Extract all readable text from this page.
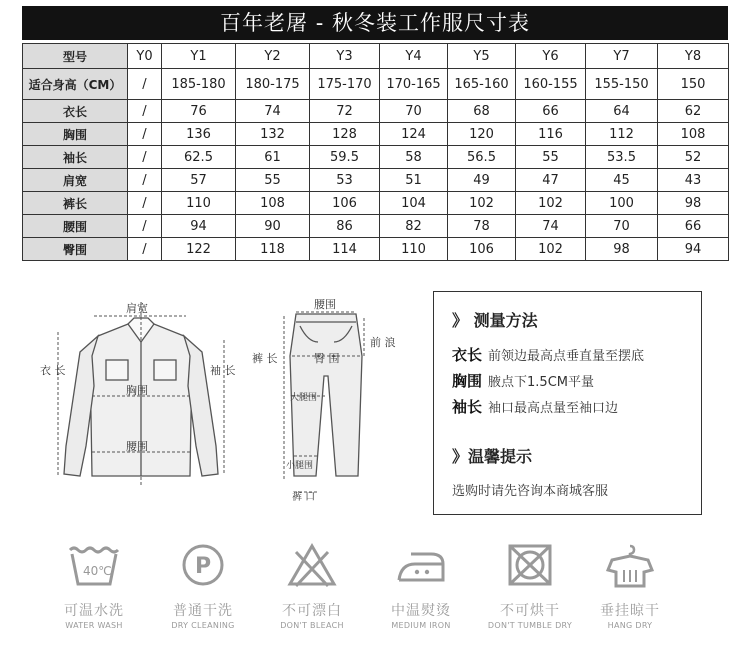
百年老屠 - 秋冬装工作服尺寸表
型号	Y0	Y1	Y2	Y3	Y4	Y5	Y6	Y7	Y8
适合身高（CM）	/	185-180	180-175	175-170	170-165	165-160	160-155	155-150	150
衣长	/	76	74	72	70	68	66	64	62
胸围	/	136	132	128	124	120	116	112	108
袖长	/	62.5	61	59.5	58	56.5	55	53.5	52
肩宽	/	57	55	53	51	49	47	45	43
裤长	/	110	108	106	104	102	102	100	98
腰围	/	94	90	86	82	78	74	70	66
臀围	/	122	118	114	110	106	102	98	94
肩宽
衣 长	袖 长
胸围
腰围
腰围
前 浪
裤 长	臀 围
大腿围
小腿围
裤 口
》 测量方法
衣长 前领边最高点垂直量至摆底
胸围 腋点下1.5CM平量
袖长 袖口最高点量至袖口边
》温馨提示
选购时请先咨询本商城客服
40℃
可温水洗
WATER WASH
P
普通干洗
DRY CLEANING
不可漂白
DON'T BLEACH
中温熨烫
MEDIUM IRON
不可烘干
DON'T TUMBLE DRY
垂挂晾干
HANG DRY
